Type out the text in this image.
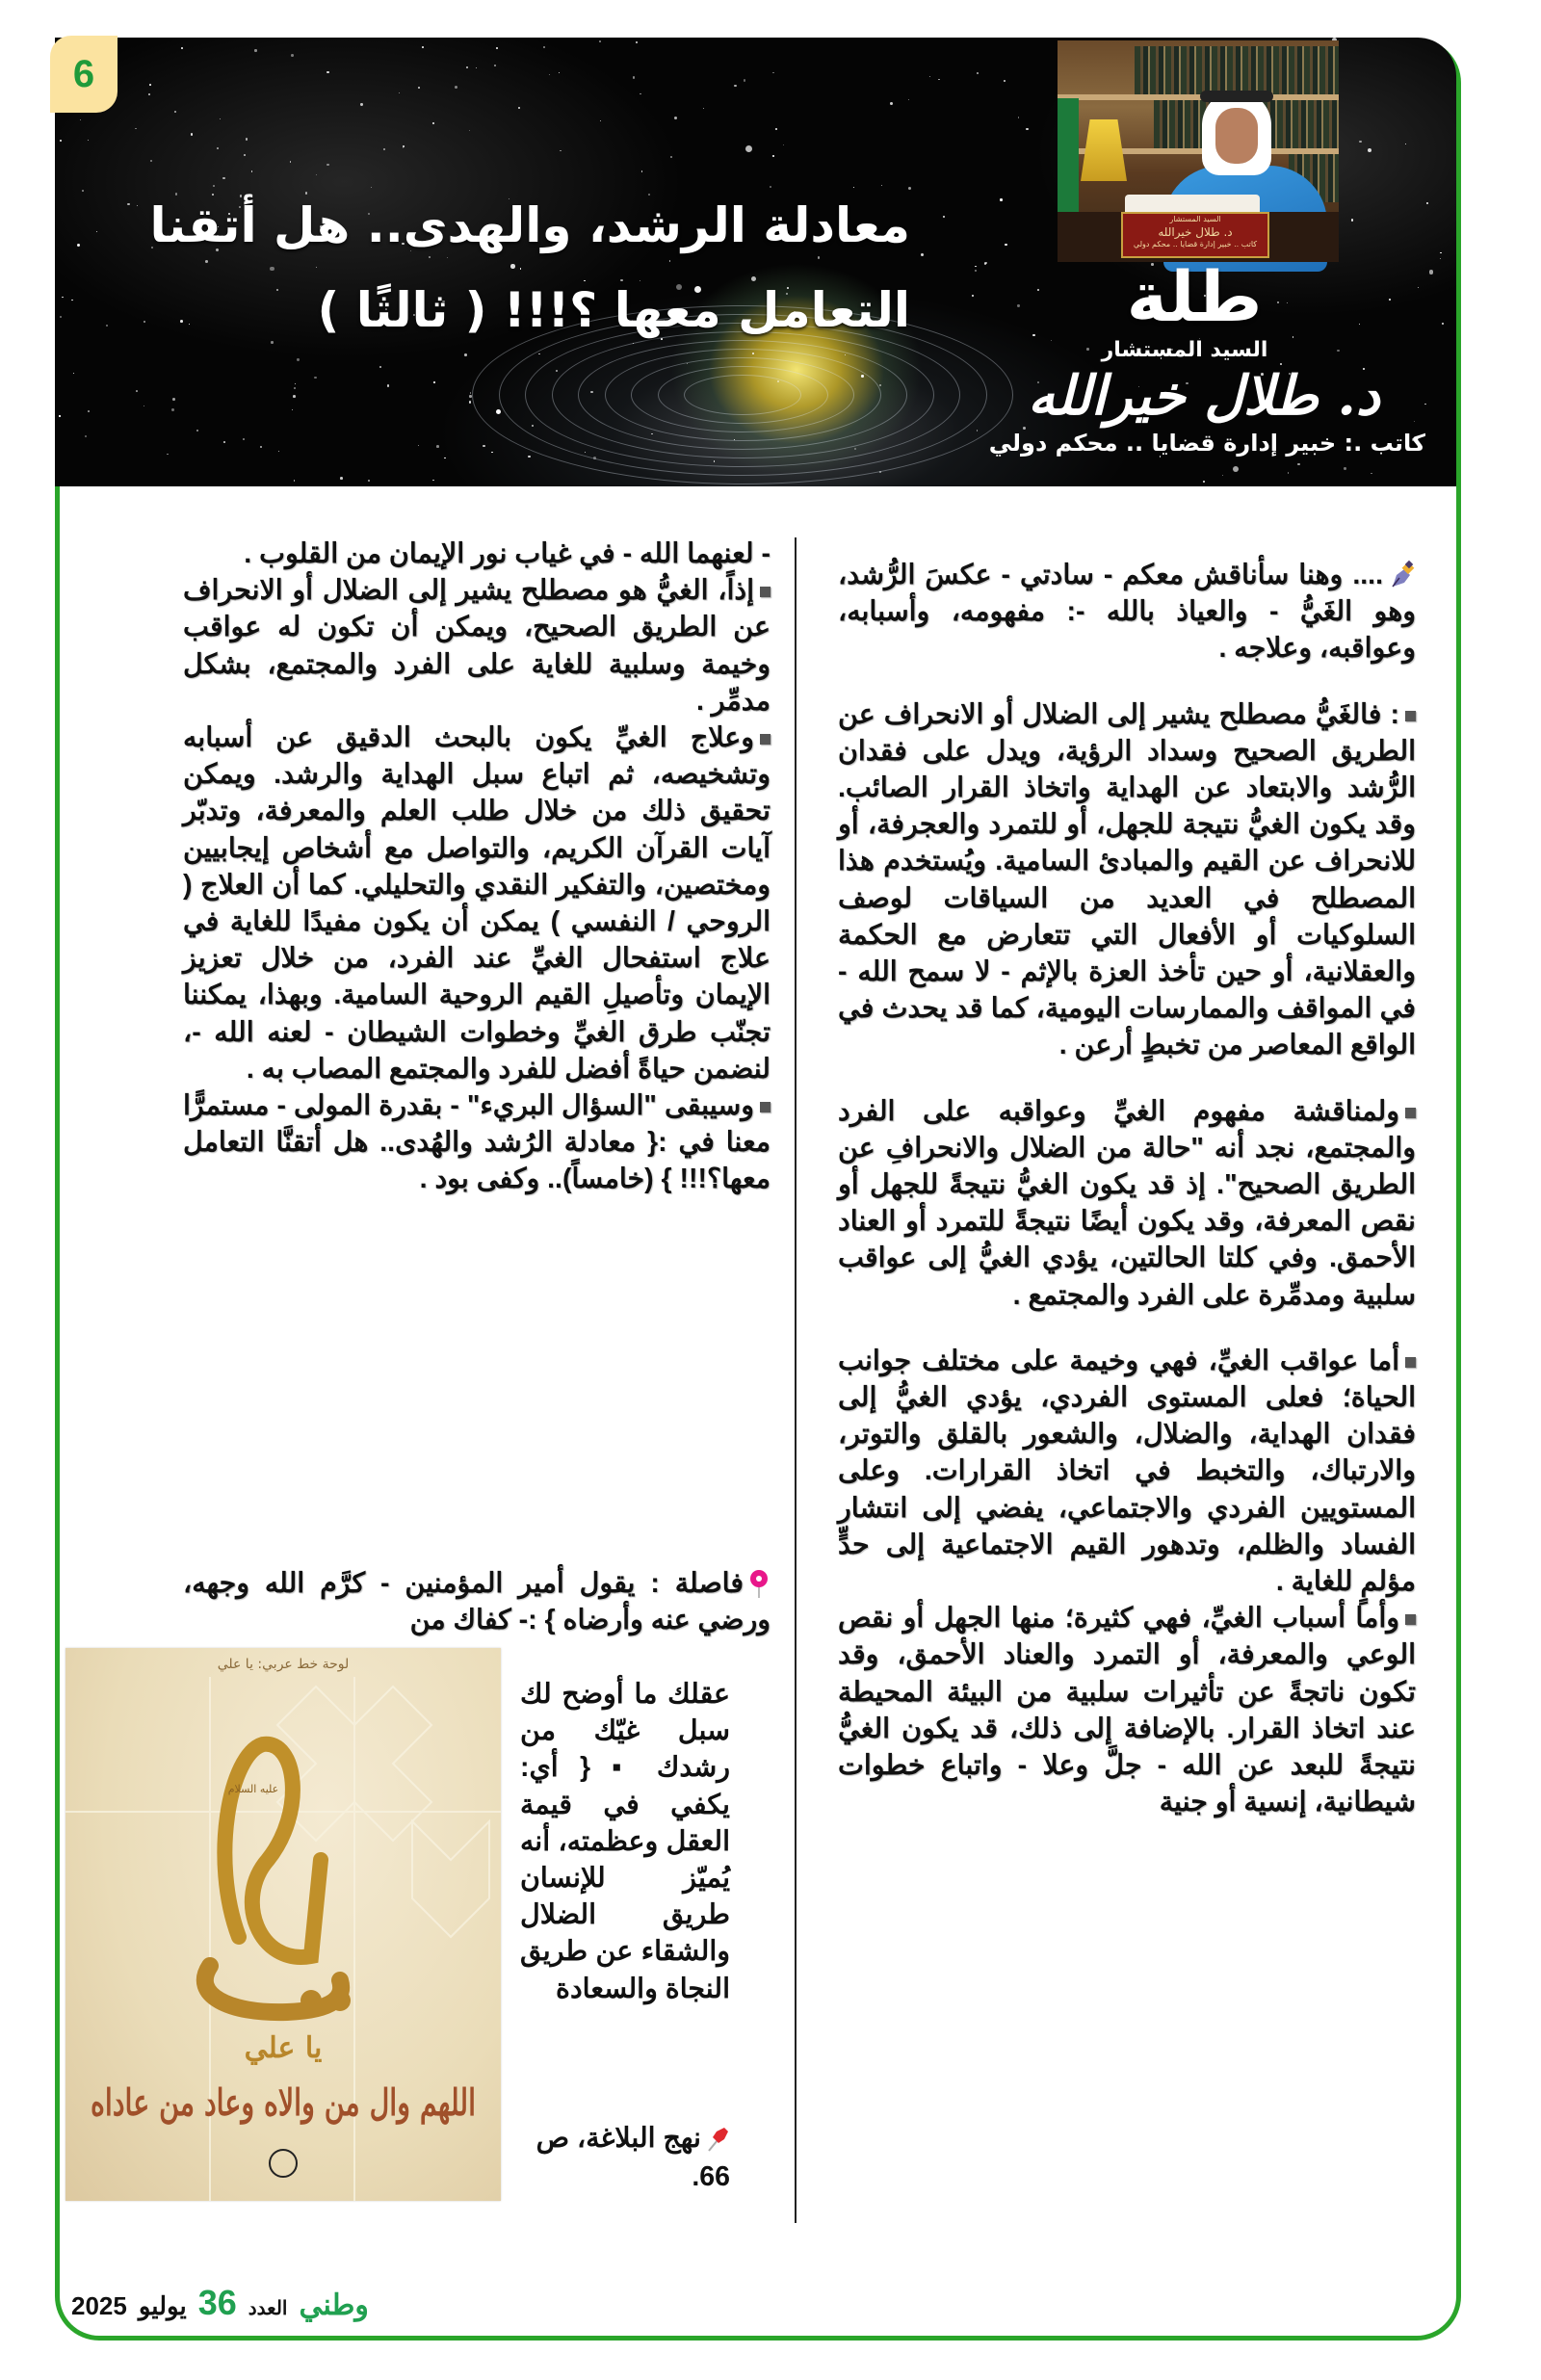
6
معادلة الرشد، والهدى.. هل أتقنا
التعامل معها ؟!!! ( ثالثًا )
السيد المستشار
د. طلال خيرالله
كاتب .. خبير إدارة قضايا .. محكم دولي
طلة
السيد المستشار
د. طلال خيرالله
كاتب .: خبير إدارة قضايا .. محكم دولي

.... وهنا سأناقش معكم - سادتي - عكسَ الرُّشد، وهو الغَيُّ - والعياذ بالله -: مفهومه، وأسبابه، وعواقبه، وعلاجه .

: فالغَيُّ مصطلح يشير إلى الضلال أو الانحراف عن الطريق الصحيح وسداد الرؤية، ويدل على فقدان الرُّشد والابتعاد عن الهداية واتخاذ القرار الصائب. وقد يكون الغيُّ نتيجة للجهل، أو للتمرد والعجرفة، أو للانحراف عن القيم والمبادئ السامية. ويُستخدم هذا المصطلح في العديد من السياقات لوصف السلوكيات أو الأفعال التي تتعارض مع الحكمة والعقلانية، أو حين تأخذ العزة بالإثم - لا سمح الله - في المواقف والممارسات اليومية، كما قد يحدث في الواقع المعاصر من تخبطٍ أرعن .

ولمناقشة مفهوم الغيِّ وعواقبه على الفرد والمجتمع، نجد أنه "حالة من الضلال والانحرافِ عن الطريق الصحيح". إذ قد يكون الغيُّ نتيجةً للجهل أو نقص المعرفة، وقد يكون أيضًا نتيجةً للتمرد أو العناد الأحمق. وفي كلتا الحالتين، يؤدي الغيُّ إلى عواقب سلبية ومدمِّرة على الفرد والمجتمع .

أما عواقب الغيِّ، فهي وخيمة على مختلف جوانب الحياة؛ فعلى المستوى الفردي، يؤدي الغيُّ إلى فقدان الهداية، والضلال، والشعور بالقلق والتوتر، والارتباك، والتخبط في اتخاذ القرارات. وعلى المستويين الفردي والاجتماعي، يفضي إلى انتشار الفساد والظلم، وتدهور القيم الاجتماعية إلى حدٍّ مؤلمٍ للغاية .

وأما أسباب الغيِّ، فهي كثيرة؛ منها الجهل أو نقص الوعي والمعرفة، أو التمرد والعناد الأحمق، وقد تكون ناتجةً عن تأثيرات سلبية من البيئة المحيطة عند اتخاذ القرار. بالإضافة إلى ذلك، قد يكون الغيُّ نتيجةً للبعد عن الله - جلَّ وعلا - واتباع خطوات شيطانية، إنسية أو جنية

- لعنهما الله - في غياب نور الإيمان من القلوب .

إذاً، الغيُّ هو مصطلح يشير إلى الضلال أو الانحراف عن الطريق الصحيح، ويمكن أن تكون له عواقب وخيمة وسلبية للغاية على الفرد والمجتمع، بشكل مدمِّر .

وعلاج الغيِّ يكون بالبحث الدقيق عن أسبابه وتشخيصه، ثم اتباع سبل الهداية والرشد. ويمكن تحقيق ذلك من خلال طلب العلم والمعرفة، وتدبّر آيات القرآن الكريم، والتواصل مع أشخاص إيجابيين ومختصين، والتفكير النقدي والتحليلي. كما أن العلاج ( الروحي / النفسي ) يمكن أن يكون مفيدًا للغاية في علاج استفحال الغيِّ عند الفرد، من خلال تعزيز الإيمان وتأصيلِ القيم الروحية السامية. وبهذا، يمكننا تجنّب طرق الغيِّ وخطوات الشيطان - لعنه الله -، لنضمن حياةً أفضل للفرد والمجتمع المصاب به .

وسيبقى "السؤال البريء" - بقدرة المولى - مستمرًّا معنا في :{ معادلة الرُشد والهُدى.. هل أتقنَّا التعامل معها؟!!! } (خامساً).. وكفى بود .

فاصلة : يقول أمير المؤمنين - كرَّم الله وجهه، ورضي عنه وأرضاه } :- كفاك من

عليه السلام
اللهم وال من والاه وعاد من عاداه
لوحة خط عربي: يا علي
يا علي

عقلك ما أوضح لك سبل غيّك من رشدك ▪ { أي: يكفي في قيمة العقل وعظمته، أنه يُميّز للإنسان طريق الضلال والشقاء عن طريق النجاة والسعادة

نهج البلاغة، ص 66.
2025 يوليو 36 العدد وطني
